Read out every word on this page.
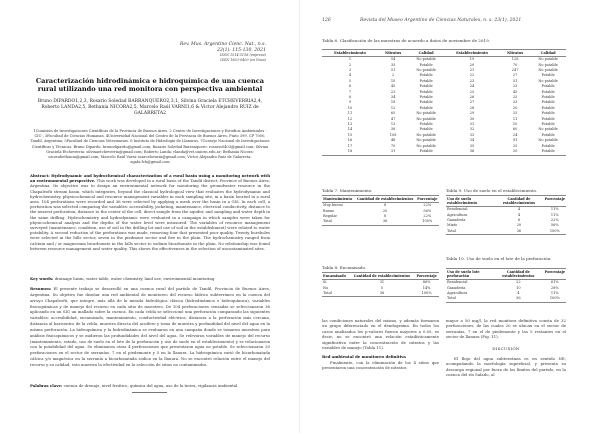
Rev. Mus. Argentino Cienc. Nat., n.s.
23(1): 115-130, 2021
ISSN 1514-5158 (impresa)
ISSN 1853-0400 (en línea)
Caracterización hidrodinámica e hidroquímica de una cuenca rural utilizando una red monitora con perspectiva ambiental
Bruno DIPARDO1,2,3, Rosario Soledad BARRANQUERO2,3,1, Silvina Graciela ETCHEVERRIA2,4, Roberto LANDA2,5, Bethania NICORA2,5, Marcelo Raúl VARNI1,6 & Victor Alejandro RUIZ de GALARRETA2
1Comisión de Investigaciones Científicas de la Provincia de Buenos Aires. 2 Centro de Investigaciones y Estudios Ambientales -CIC-, 3Facultad de Ciencias Humanas, 4Universidad Nacional del Centro de la Provincia de Buenos Aires, Pinto 399, CP 7000, Tandil, Argentina; 5Facultad de Ciencias Veterinarias. 6 Instituto de Hidrología de Llanuras. 7Consejo Nacional de Investigaciones Científicas y Técnicas. Bruno Dipardo: brunodipardo@gmail.com; Rosario Soledad Barranquero: rosario0403@gmail.com; Silvina Graciela Etcheverria: silvinaetcheverria@gmail.com; Roberto Landa: rlanda@vet.unicen.edu.ar; Bethania Nicora: nicorabethania@gmail.com; Marcelo Raúl Varni: marcelovarni@gmail.com; Victor Alejandro Ruiz de Galarreta: agalu.fch@gmail.com
Abstract: Hydrodynamic and hydrochemical characterization of a rural basin using a monitoring network with an environmental perspective. This work was developed in a rural basis of the Tandil district, Province of Buenos Aires, Argentina. Its objective was to design an environmental network for monitoring the groundwater resource in the Chapaleofú stream basin, which integrates, beyond the classical hydrological view that evaluates the hydrodynamic and hydrochemistry, physicochemical and resource management variables in each sampling site, in a basin located in a rural area. 104 perforations were recorded and 36 were selected by applying a mesh over the basin in a GIS. In each cell, a perforation was selected comparing the variables: accessibility, jacketing, maintenance, electrical conductivity, distance to the nearest perforation, distance to the center of the cell, direct sample from the aquifer, and sampling and water depth in the same drilling. Hydrochemistry and hydrodynamic were evaluated in a campaign in which samples were taken for physicochemical analysis and the depths of the water level were measured. The variables of resource management surveyed (maintenance, condition, use of soil in the drilling lot and use of soil in the establishment) were related to water potability. A second reduction of the perforations was made, removing four that presented poor quality. Twenty boreholes were selected in the hills sector, seven in the piedmont sector and five in the plain. The hydrochemistry ranged from calcium and / or magnesium bicarbonate in the hills sector to sodium bicarbonate in the plain. No relationship was found between resource management and water quality. This shows the effectiveness in the selection of uncontaminated sites.
Key words: drainage basin, water table, water chemistry, land use, environmental monitoring
Resumen: El presente trabajo se desarrolló en una cuenca rural del partido de Tandil, Provincia de Buenos Aires, Argentina. Su objetivo fue diseñar una red ambiental de monitoreo del recurso hídrico subterráneo en la cuenca del arroyo Chapaleofú, que integre, más allá de la mirada hidrológica clásica (hidrodinámica e hidroquímica), variables fisicoquímicas y de manejo del recurso en cada sitio de muestreo. De 104 perforaciones censadas se seleccionaron 36 aplicando en un SIG un mallado sobre la cuenca. En cada celda se seleccionó una perforación comparando las siguientes variables: accesibilidad, encamisado, mantenimiento, conductividad eléctrica, distancia a la perforación más cercana, distancia al baricentro de la celda, muestra directa del acuífero y toma de muestra y profundidad del nivel del agua en la misma perforación. La hidroquímica y la hidrodinámica se evaluaron en una campaña donde se tomaron muestras para análisis fisicoquímicos y se midieron las profundidades del nivel del agua. Se relevaron variables de manejo del recurso (mantenimiento, estado, uso de suelo en el lote de la perforación y uso de suelo en el establecimiento) y se relacionaron con la potabilidad del agua. Se eliminaron otras 4 perforaciones que presentaron agua no potable. Se seleccionaron 20 perforaciones en el sector de serranías, 7 en el piedemonte y 5 en la llanura. La hidroquímica varió de bicarbonatada cálcica y/o magnésica en la serranía a bicarbonatada sódica en la llanura. No se encontró relación entre el manejo del recurso y su calidad, esto muestra la efectividad en la selección de sitios no contaminados.
Palabras clave: cuenca de drenaje, nivel freático, química del agua, uso de la tierra, vigilancia ambiental
126	Revista del Museo Argentino de Ciencias Naturales, n. s. 23(1), 2021
Tabla 6. Clasificación de las muestras de acuerdo a datos de noviembre de 2019.
Establecimiento	Nitratos	Calidad	Establecimiento	Nitratos	Calidad
1	54	No potable	19	128	No potable
2	35	Potable	20	70	No potable
3	51	No potable	21	247	No potable
4	2	Potable	22	27	Potable
5	10	Potable	23	51	No potable
6	45	Potable	24	23	Potable
7	23	Potable	25	45	Potable
8	34	Potable	26	25	Potable
9	18	Potable	27	33	Potable
10	12	Potable	28	20	Potable
11	65	No potable	29	25	Potable
12	47	No potable	30	11	Potable
13	13	Potable	31	10	Potable
14	38	Potable	32	60	No potable
15	108	No potable	33	24	Potable
16	48	No potable	34	91	No potable
17	70	No potable	35	25	Potable
18	31	Potable	36	20	Potable
Tabla 7. Mantenimiento.
Mantenimiento	Cantidad de establecimientos	Porcentaje
Muy bueno	8	22%
Bueno	20	56%
Regular	8	22%
Total	36	100%
Tabla 8. Encamisado.
Encamisado	Cantidad de establecimientos	Porcentaje
Si	31	86%
No	5	14%
Total	36	100%
Tabla 9. Uso de suelo en el establecimiento.
Uso de suelo establecimiento	Cantidad de establecimientos	Porcentaje
Residencial	4	11%
Agricultura	4	11%
Ganadería	8	22%
Mixto	20	56%
Total	36	100%
Tabla 10. Uso de suelo en el lote de la perforación.
Uso de suelo lote perforación	Cantidad de establecimientos	Porcentaje
Residencial	22	61%
Ganadería	10	28%
Agricultura	4	11%
Total	36	100%
las condiciones naturales del mismo, y además formaron un grupo diferenciado en el dendograma. En todos los casos analizados los p-valores fueron mayores a 0.05, es decir, no se encontró una relación estadísticamente significativa entre la concentración de nitratos y las variables de manejo (Tabla 11).
Red ambiental de monitoreo definitiva
Finalmente, con la eliminación de los 4 sitios que presentaron una concentración de nitratos
mayor a 50 mg/l, la red monitora definitiva consta de 32 perforaciones, de las cuales 20 se ubican en el sector de serranías, 7 en el de piedemonte y las 5 restantes en el sector de llanura (Fig. 11).
DISCUSIÓN
El flujo del agua subterránea es en sentido NE, acompañando la morfología superficial, y presenta su descarga regional por fuera de los límites del partido, en la cuenca del río Salado, al
